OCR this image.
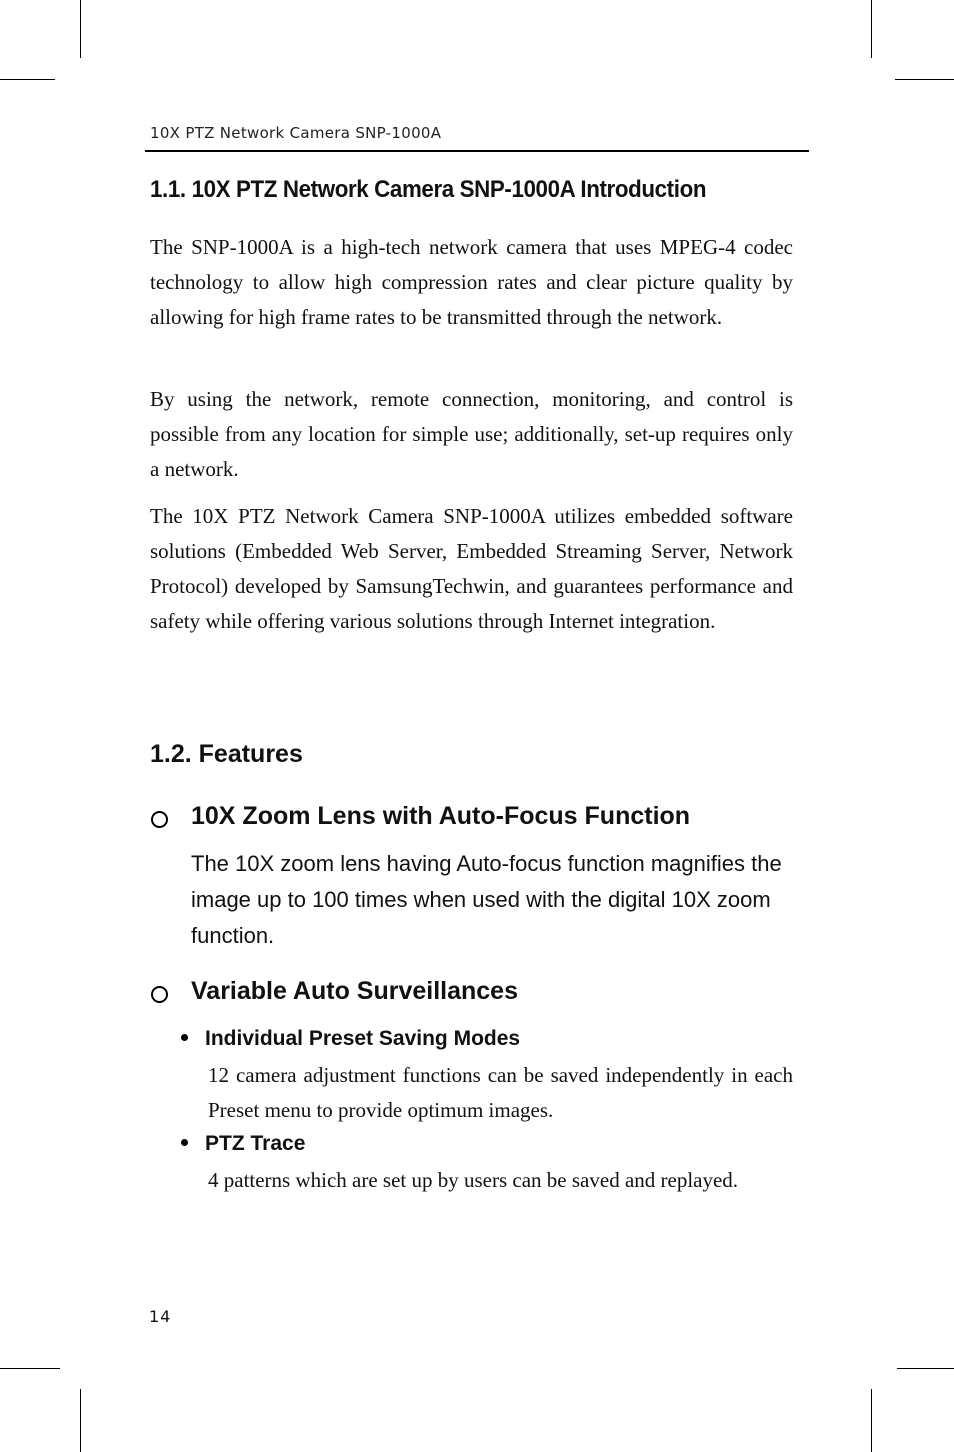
10X PTZ Network Camera SNP-1000A
1.1. 10X PTZ Network Camera SNP-1000A Introduction

The SNP-1000A is a high-tech network camera that uses MPEG-4 codec technology to allow high compression rates and clear picture quality by allowing for high frame rates to be transmitted through the network.

By using the network, remote connection, monitoring, and control is possible from any location for simple use; additionally, set-up requires only a network.

The 10X PTZ Network Camera SNP-1000A utilizes embedded software solutions (Embedded Web Server, Embedded Streaming Server, Network Protocol) developed by SamsungTechwin, and guarantees performance and safety while offering various solutions through Internet integration.

1.2. Features
10X Zoom Lens with Auto-Focus Function

The 10X zoom lens having Auto-focus function magnifies the image up to 100 times when used with the digital 10X zoom function.

Variable Auto Surveillances
Individual Preset Saving Modes

12 camera adjustment functions can be saved independently in each Preset menu to provide optimum images.

PTZ Trace

4 patterns which are set up by users can be saved and replayed.

14
